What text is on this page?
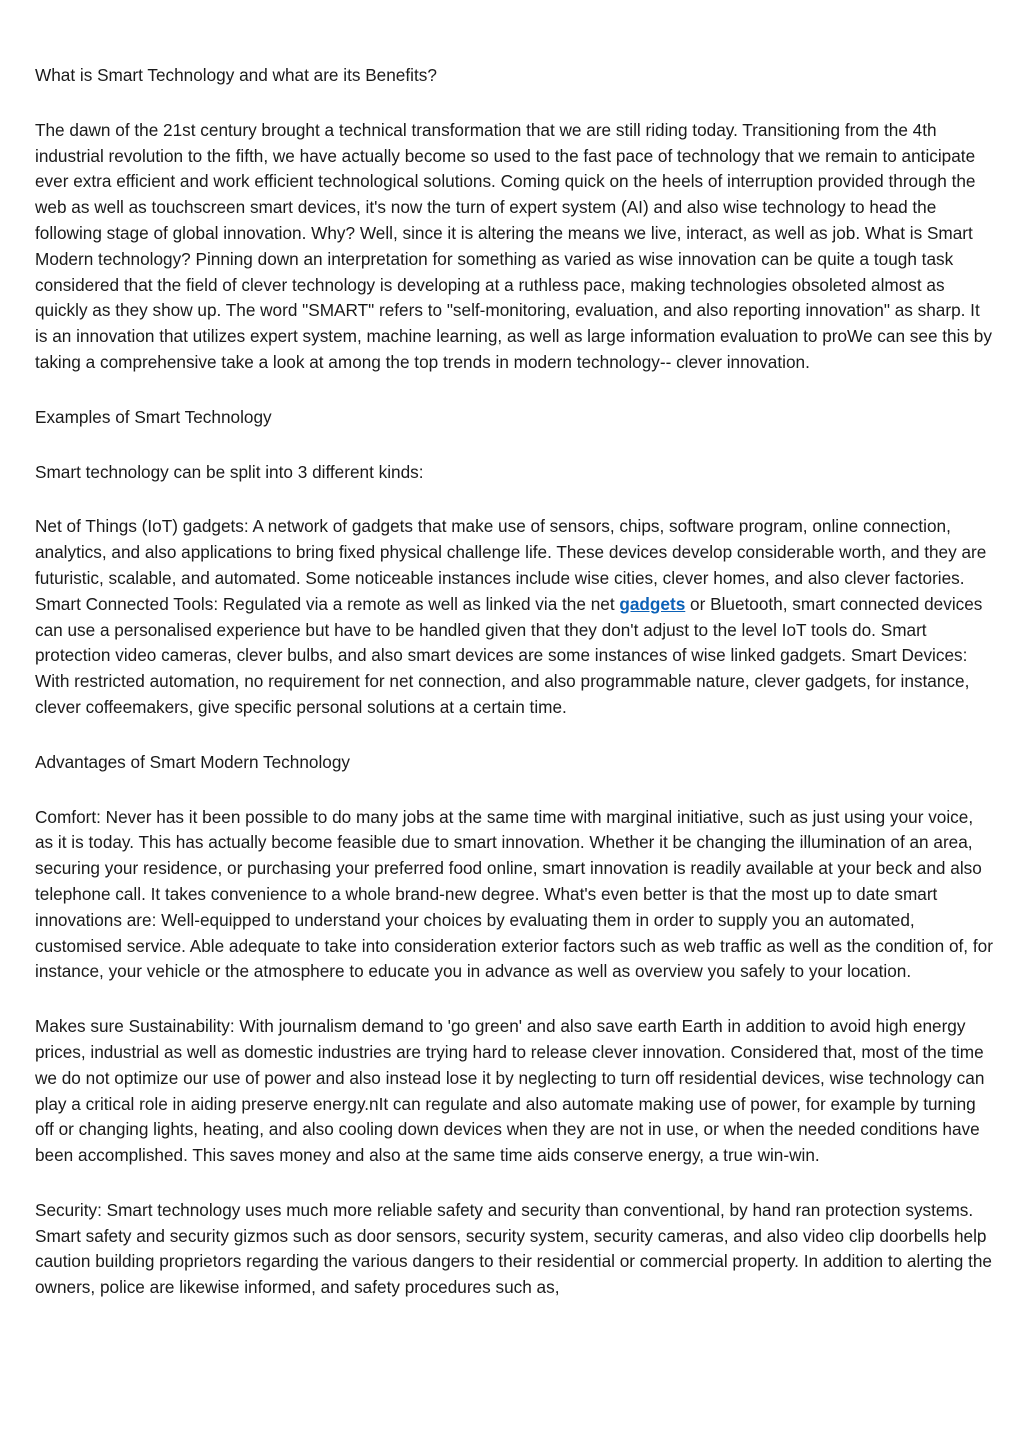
What is Smart Technology and what are its Benefits?

The dawn of the 21st century brought a technical transformation that we are still riding today. Transitioning from the 4th industrial revolution to the fifth, we have actually become so used to the fast pace of technology that we remain to anticipate ever extra efficient and work efficient technological solutions. Coming quick on the heels of interruption provided through the web as well as touchscreen smart devices, it's now the turn of expert system (AI) and also wise technology to head the following stage of global innovation. Why? Well, since it is altering the means we live, interact, as well as job. What is Smart Modern technology? Pinning down an interpretation for something as varied as wise innovation can be quite a tough task considered that the field of clever technology is developing at a ruthless pace, making technologies obsoleted almost as quickly as they show up. The word "SMART" refers to "self-monitoring, evaluation, and also reporting innovation" as sharp. It is an innovation that utilizes expert system, machine learning, as well as large information evaluation to proWe can see this by taking a comprehensive take a look at among the top trends in modern technology-- clever innovation.

Examples of Smart Technology

Smart technology can be split into 3 different kinds:

Net of Things (IoT) gadgets: A network of gadgets that make use of sensors, chips, software program, online connection, analytics, and also applications to bring fixed physical challenge life. These devices develop considerable worth, and they are futuristic, scalable, and automated. Some noticeable instances include wise cities, clever homes, and also clever factories. Smart Connected Tools: Regulated via a remote as well as linked via the net gadgets or Bluetooth, smart connected devices can use a personalised experience but have to be handled given that they don't adjust to the level IoT tools do. Smart protection video cameras, clever bulbs, and also smart devices are some instances of wise linked gadgets. Smart Devices: With restricted automation, no requirement for net connection, and also programmable nature, clever gadgets, for instance, clever coffeemakers, give specific personal solutions at a certain time.

Advantages of Smart Modern Technology

Comfort: Never has it been possible to do many jobs at the same time with marginal initiative, such as just using your voice, as it is today. This has actually become feasible due to smart innovation. Whether it be changing the illumination of an area, securing your residence, or purchasing your preferred food online, smart innovation is readily available at your beck and also telephone call. It takes convenience to a whole brand-new degree. What's even better is that the most up to date smart innovations are: Well-equipped to understand your choices by evaluating them in order to supply you an automated, customised service. Able adequate to take into consideration exterior factors such as web traffic as well as the condition of, for instance, your vehicle or the atmosphere to educate you in advance as well as overview you safely to your location.

Makes sure Sustainability: With journalism demand to 'go green' and also save earth Earth in addition to avoid high energy prices, industrial as well as domestic industries are trying hard to release clever innovation. Considered that, most of the time we do not optimize our use of power and also instead lose it by neglecting to turn off residential devices, wise technology can play a critical role in aiding preserve energy.nIt can regulate and also automate making use of power, for example by turning off or changing lights, heating, and also cooling down devices when they are not in use, or when the needed conditions have been accomplished. This saves money and also at the same time aids conserve energy, a true win-win.

Security: Smart technology uses much more reliable safety and security than conventional, by hand ran protection systems. Smart safety and security gizmos such as door sensors, security system, security cameras, and also video clip doorbells help caution building proprietors regarding the various dangers to their residential or commercial property. In addition to alerting the owners, police are likewise informed, and safety procedures such as,
